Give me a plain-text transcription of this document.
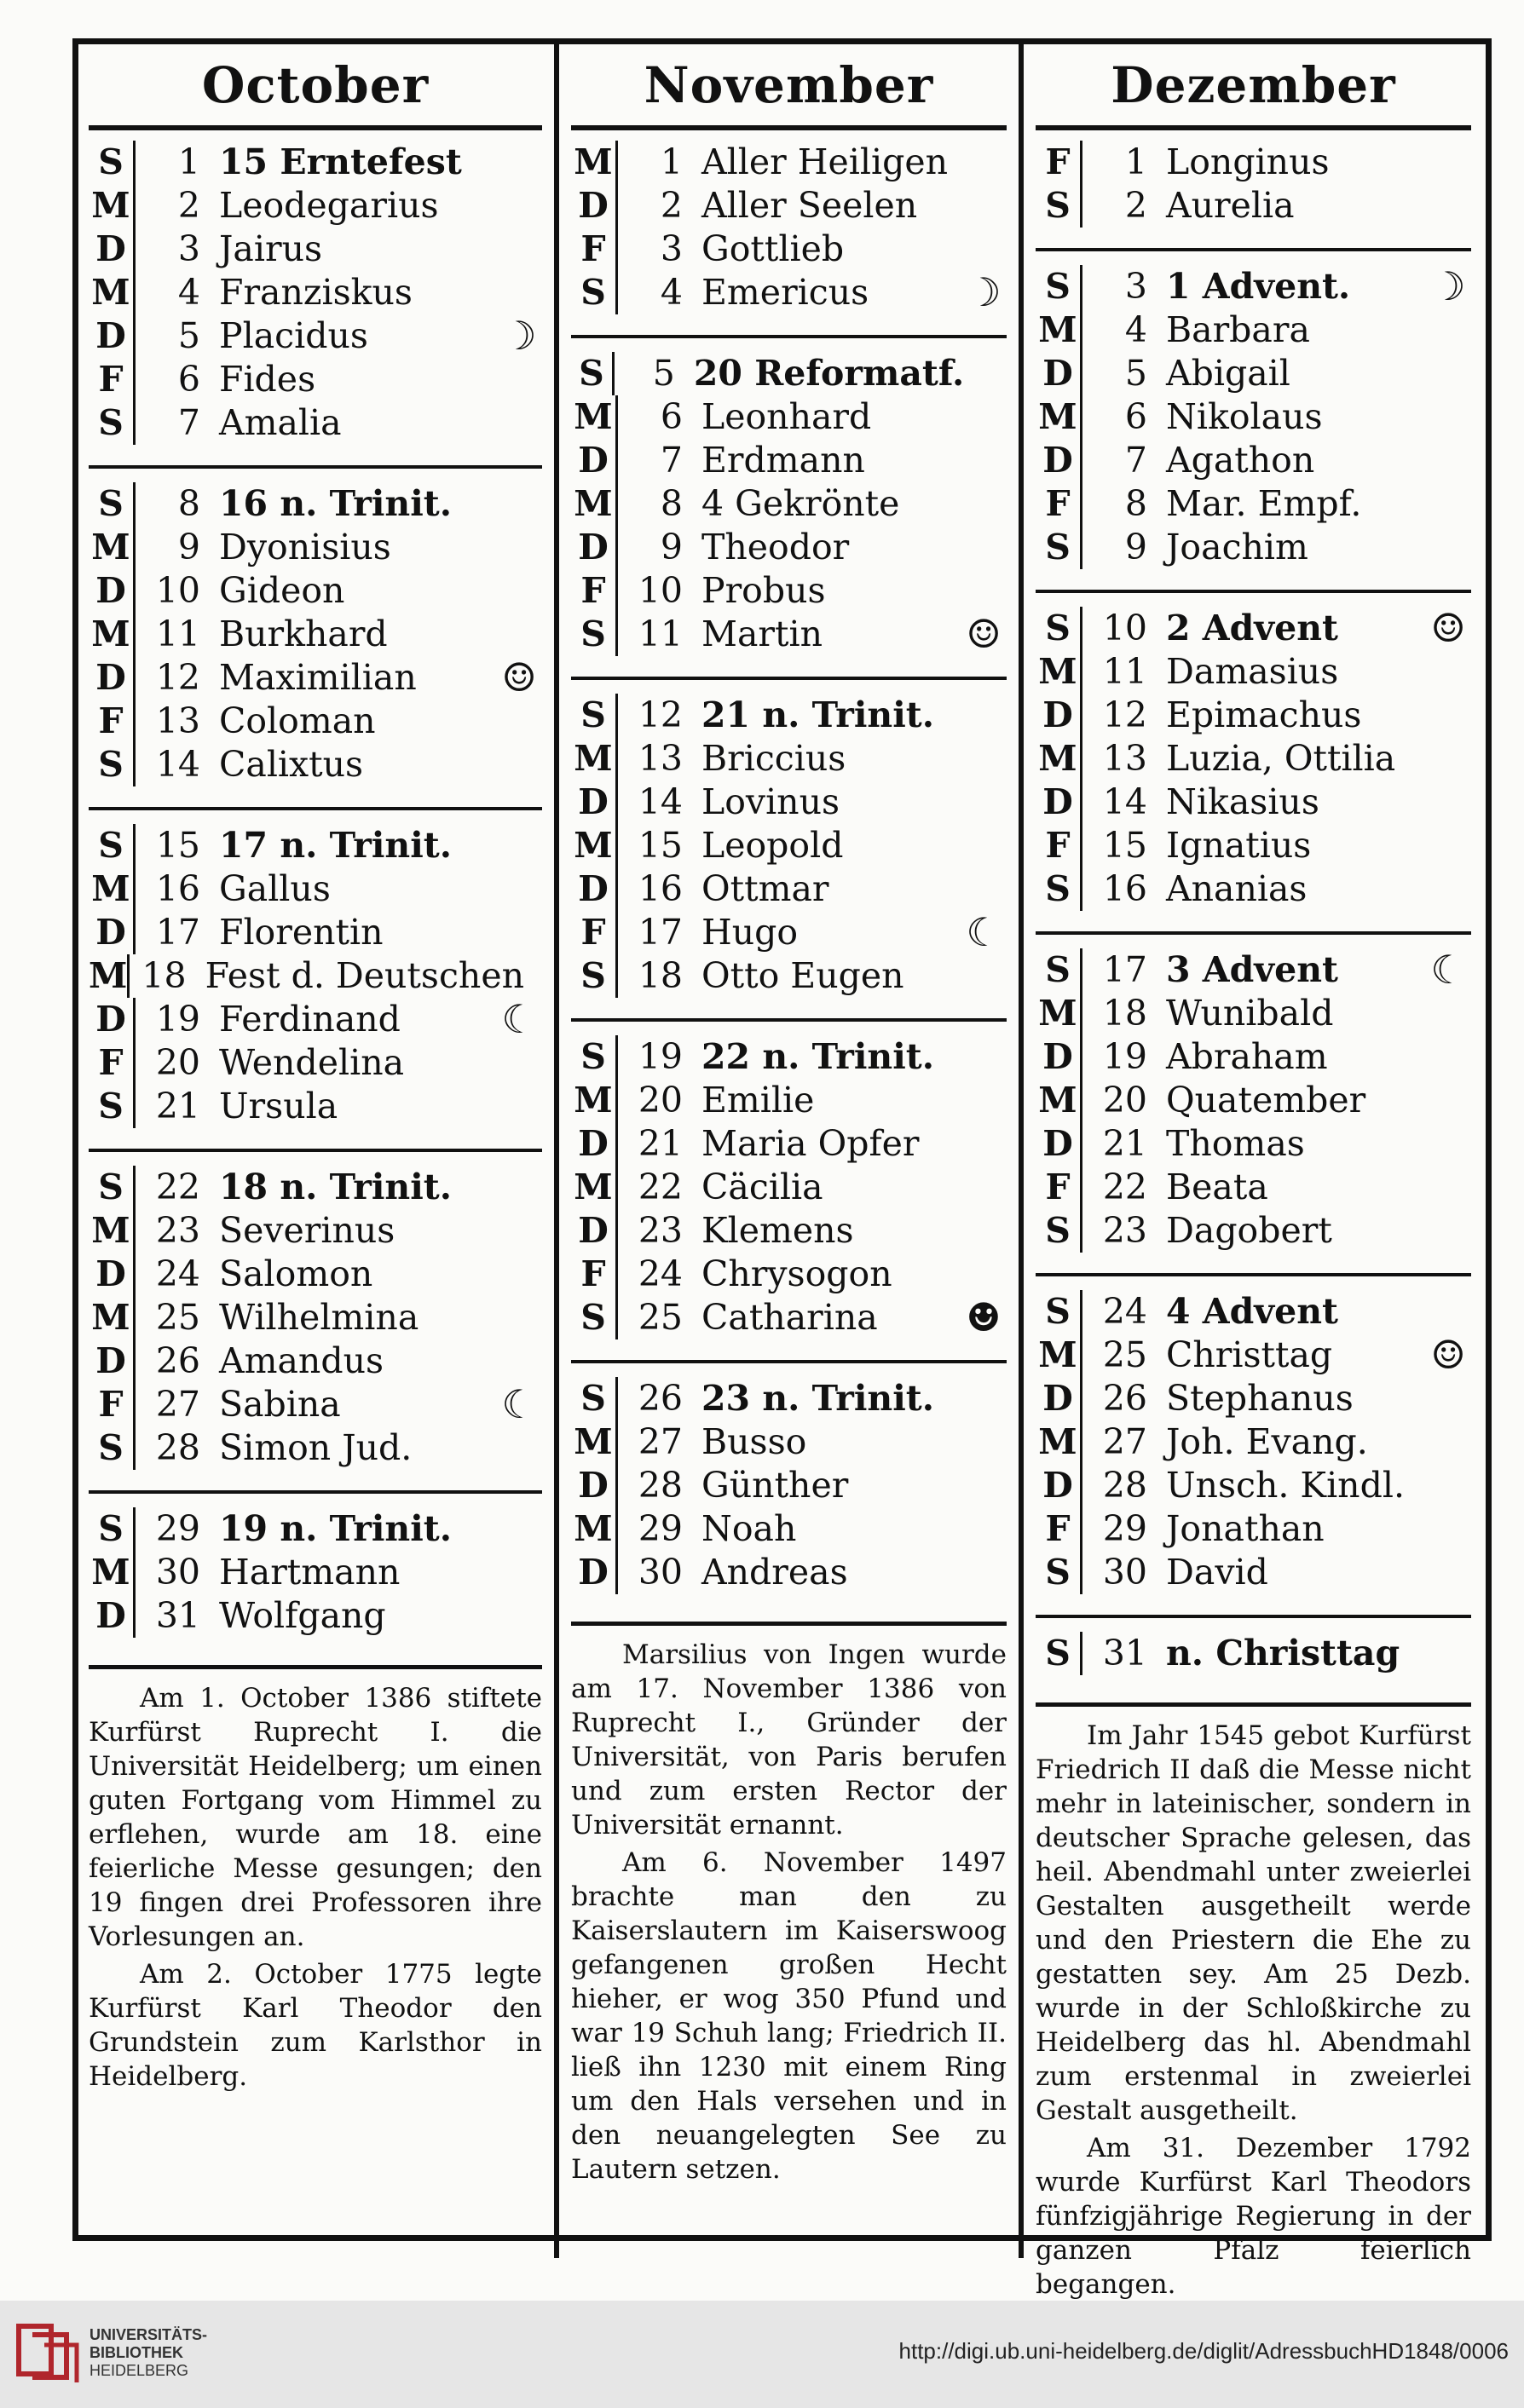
October
S	1 15 Erntefest
M	2 Leodegarius
D	3 Jairus
M	4 Franziskus
D	5 Placidus	☽
F	6 Fides
S	7 Amalia
S	8 16 n. Trinit.
M	9 Dyonisius
D 10 Gideon
M 11 Burkhard
D 12 Maximilian	☺
F 13 Coloman
S 14 Calixtus
S 15 17 n. Trinit.
M 16 Gallus
D 17 Florentin
M 18 Fest d. Deutschen
D 19 Ferdinand	☾
F 20 Wendelina
S 21 Ursula
S 22 18 n. Trinit.
M 23 Severinus
D 24 Salomon
M 25 Wilhelmina
D 26 Amandus
F 27 Sabina	☾
S 28 Simon Jud.
S 29 19 n. Trinit.
M 30 Hartmann
D 31 Wolfgang

Am 1. October 1386 stiftete Kurfürst Ruprecht I. die Universität Heidelberg; um einen guten Fortgang vom Himmel zu erflehen, wurde am 18. eine feierliche Messe gesungen; den 19 fingen drei Professoren ihre Vorlesungen an.

Am 2. October 1775 legte Kurfürst Karl Theodor den Grundstein zum Karlsthor in Heidelberg.

November
M	1 Aller Heiligen
D	2 Aller Seelen
F	3 Gottlieb
S	4 Emericus	☽
S	5 20 Reformatf.
M	6 Leonhard
D	7 Erdmann
M	8 4 Gekrönte
D	9 Theodor
F 10 Probus
S 11 Martin	☺
S 12 21 n. Trinit.
M 13 Briccius
D 14 Lovinus
M 15 Leopold
D 16 Ottmar
F 17 Hugo	☾
S 18 Otto Eugen
S 19 22 n. Trinit.
M 20 Emilie
D 21 Maria Opfer
M 22 Cäcilia
D 23 Klemens
F 24 Chrysogon
S 25 Catharina	☻
S 26 23 n. Trinit.
M 27 Busso
D 28 Günther
M 29 Noah
D 30 Andreas

Marsilius von Ingen wurde am 17. November 1386 von Ruprecht I., Gründer der Universität, von Paris berufen und zum ersten Rector der Universität ernannt.

Am 6. November 1497 brachte man den zu Kaiserslautern im Kaiserswoog gefangenen großen Hecht hieher, er wog 350 Pfund und war 19 Schuh lang; Friedrich II. ließ ihn 1230 mit einem Ring um den Hals versehen und in den neuangelegten See zu Lautern setzen.

Dezember
F	1 Longinus
S	2 Aurelia
S	3 1 Advent.	☽
M	4 Barbara
D	5 Abigail
M	6 Nikolaus
D	7 Agathon
F	8 Mar. Empf.
S	9 Joachim
S 10 2 Advent	☺
M 11 Damasius
D 12 Epimachus
M 13 Luzia, Ottilia
D 14 Nikasius
F 15 Ignatius
S 16 Ananias
S 17 3 Advent	☾
M 18 Wunibald
D 19 Abraham
M 20 Quatember
D 21 Thomas
F 22 Beata
S 23 Dagobert
S 24 4 Advent
M 25 Christtag	☺
D 26 Stephanus
M 27 Joh. Evang.
D 28 Unsch. Kindl.
F 29 Jonathan
S 30 David
S 31 n. Christtag

Im Jahr 1545 gebot Kurfürst Friedrich II daß die Messe nicht mehr in lateinischer, sondern in deutscher Sprache gelesen, das heil. Abendmahl unter zweierlei Gestalten ausgetheilt werde und den Priestern die Ehe zu gestatten sey. Am 25 Dezb. wurde in der Schloßkirche zu Heidelberg das hl. Abendmahl zum erstenmal in zweierlei Gestalt ausgetheilt.

Am 31. Dezember 1792 wurde Kurfürst Karl Theodors fünfzigjährige Regierung in der ganzen Pfalz feierlich begangen.

UNIVERSITÄTS-
BIBLIOTHEK
HEIDELBERG
http://digi.ub.uni-heidelberg.de/diglit/AdressbuchHD1848/0006
